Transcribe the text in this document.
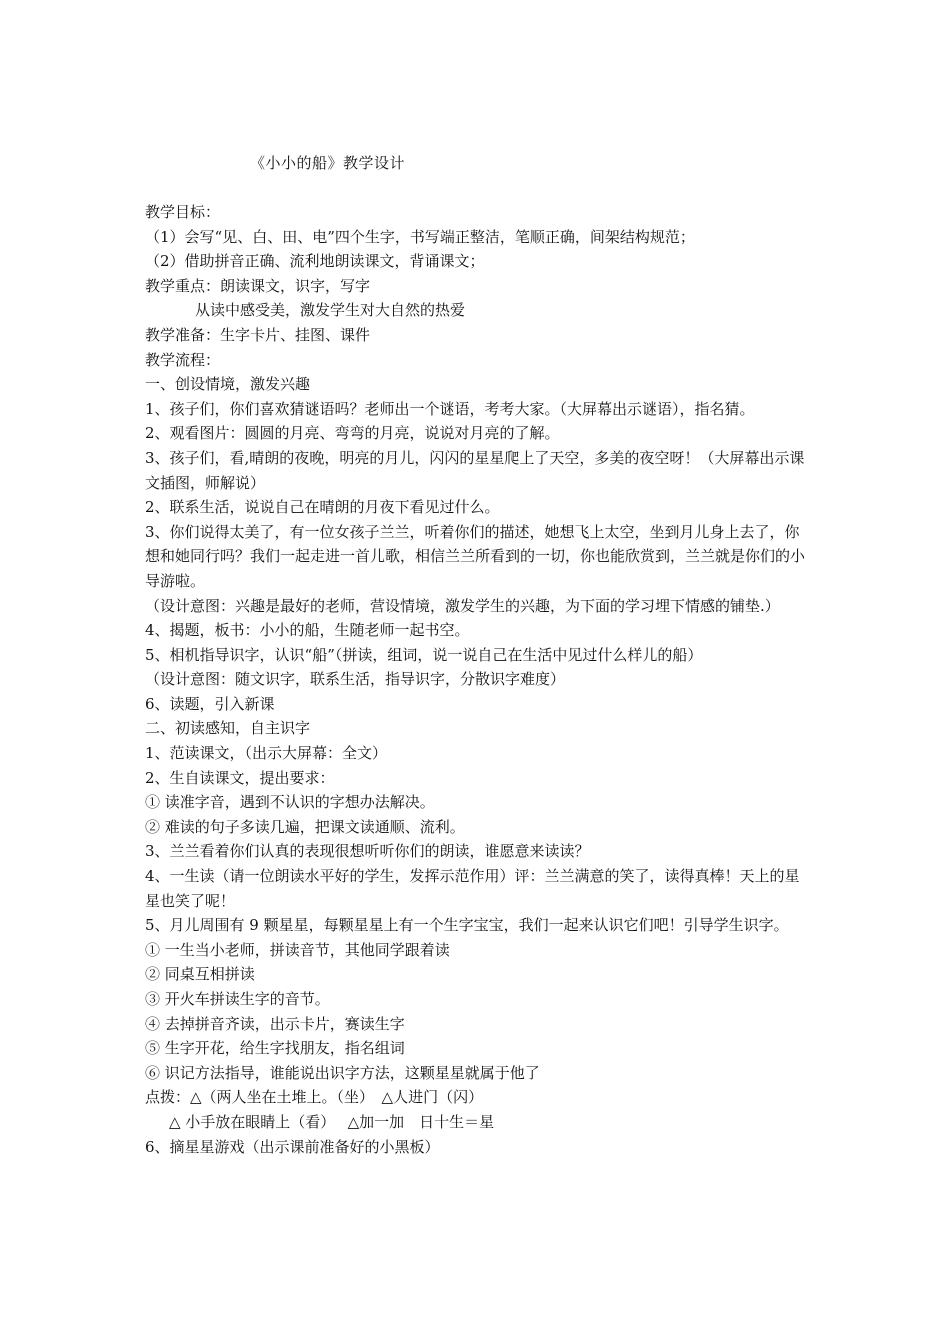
《小小的船》教学设计
教学目标：
（1）会写“见、白、田、电”四个生字，书写端正整洁，笔顺正确，间架结构规范；
（2）借助拼音正确、流利地朗读课文，背诵课文；
教学重点：朗读课文，识字，写字
从读中感受美，激发学生对大自然的热爱
教学准备：生字卡片、挂图、课件
教学流程：
一、创设情境，激发兴趣
1、孩子们，你们喜欢猜谜语吗？老师出一个谜语，考考大家。（大屏幕出示谜语），指名猜。
2、观看图片：圆圆的月亮、弯弯的月亮，说说对月亮的了解。
3、孩子们，看,晴朗的夜晚，明亮的月儿，闪闪的星星爬上了天空，多美的夜空呀！（大屏幕出示课文插图，师解说）
2、联系生活，说说自己在晴朗的月夜下看见过什么。
3、你们说得太美了，有一位女孩子兰兰，听着你们的描述，她想飞上太空，坐到月儿身上去了，你想和她同行吗？我们一起走进一首儿歌，相信兰兰所看到的一切，你也能欣赏到，兰兰就是你们的小导游啦。
（设计意图：兴趣是最好的老师，营设情境，激发学生的兴趣，为下面的学习埋下情感的铺垫.）
4、揭题，板书：小小的船，生随老师一起书空。
5、相机指导识字，认识“船”（拼读，组词，说一说自己在生活中见过什么样儿的船）
（设计意图：随文识字，联系生活，指导识字，分散识字难度）
6、读题，引入新课
二、初读感知，自主识字
1、范读课文，（出示大屏幕：全文）
2、生自读课文，提出要求：
① 读准字音，遇到不认识的字想办法解决。
② 难读的句子多读几遍，把课文读通顺、流利。
3、兰兰看着你们认真的表现很想听听你们的朗读，谁愿意来读读？
4、一生读（请一位朗读水平好的学生，发挥示范作用）评：兰兰满意的笑了，读得真棒！天上的星星也笑了呢！
5、月儿周围有 9 颗星星，每颗星星上有一个生字宝宝，我们一起来认识它们吧！引导学生识字。
① 一生当小老师，拼读音节，其他同学跟着读
② 同桌互相拼读
③ 开火车拼读生字的音节。
④ 去掉拼音齐读，出示卡片，赛读生字
⑤ 生字开花，给生字找朋友，指名组词
⑥ 识记方法指导，谁能说出识字方法，这颗星星就属于他了
点拨：△（两人坐在土堆上。（坐）　△人进门（闪）
△ 小手放在眼睛上（看）　 △加一加　日十生＝星
6、摘星星游戏（出示课前准备好的小黑板）
